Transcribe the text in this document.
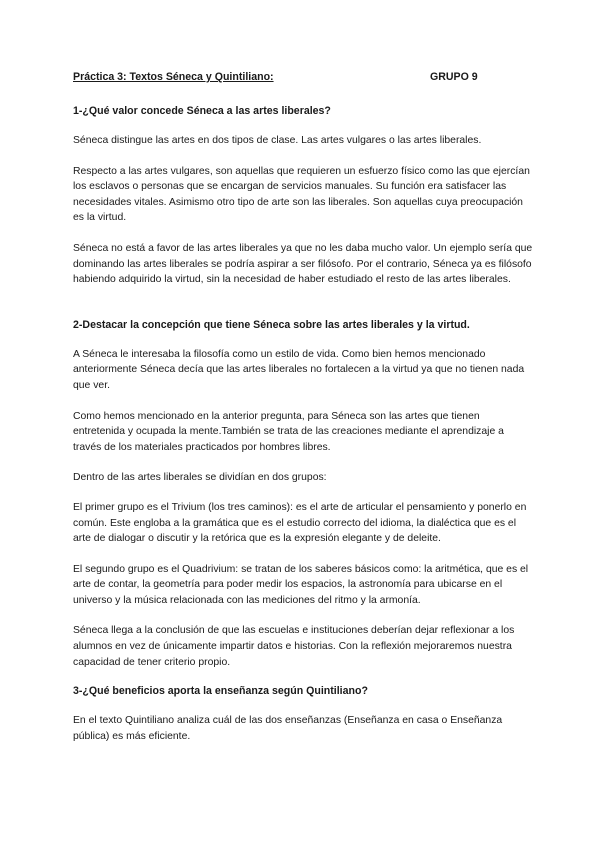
Práctica 3: Textos Séneca y Quintiliano:	GRUPO 9
1-¿Qué valor concede Séneca a las artes liberales?

Séneca distingue las artes en dos tipos de clase. Las artes vulgares o las artes liberales.

Respecto a las artes vulgares, son aquellas que requieren un esfuerzo físico como las que ejercían los esclavos o personas que se encargan de servicios manuales. Su función era satisfacer las necesidades vitales. Asimismo otro tipo de arte son las liberales. Son aquellas cuya preocupación es la virtud.

Séneca no está a favor de las artes liberales ya que no les daba mucho valor. Un ejemplo sería que dominando las artes liberales se podría aspirar a ser filósofo. Por el contrario, Séneca ya es filósofo habiendo adquirido la virtud, sin la necesidad de haber estudiado el resto de las artes liberales.

2-Destacar la concepción que tiene Séneca sobre las artes liberales y la virtud.

A Séneca le interesaba la filosofía como un estilo de vida. Como bien hemos mencionado anteriormente Séneca decía que las artes liberales no fortalecen a la virtud ya que no tienen nada que ver.

Como hemos mencionado en la anterior pregunta, para Séneca son las artes que tienen entretenida y ocupada la mente.También se trata de las creaciones mediante el aprendizaje a través de los materiales practicados por hombres libres.

Dentro de las artes liberales se dividían en dos grupos:

El primer grupo es el Trivium (los tres caminos): es el arte de articular el pensamiento y ponerlo en común. Este engloba a la gramática que es el estudio correcto del idioma, la dialéctica que es el arte de dialogar o discutir y la retórica que es la expresión elegante y de deleite.

El segundo grupo es el Quadrivium: se tratan de los saberes básicos como: la aritmética, que es el arte de contar, la geometría para poder medir los espacios, la astronomía para ubicarse en el universo y la música relacionada con las mediciones del ritmo y la armonía.

Séneca llega a la conclusión de que las escuelas e instituciones deberían dejar reflexionar a los alumnos en vez de únicamente impartir datos e historias. Con la reflexión mejoraremos nuestra capacidad de tener criterio propio.

3-¿Qué beneficios aporta la enseñanza según Quintiliano?

En el texto Quintiliano analiza cuál de las dos enseñanzas (Enseñanza en casa o Enseñanza pública) es más eficiente.
